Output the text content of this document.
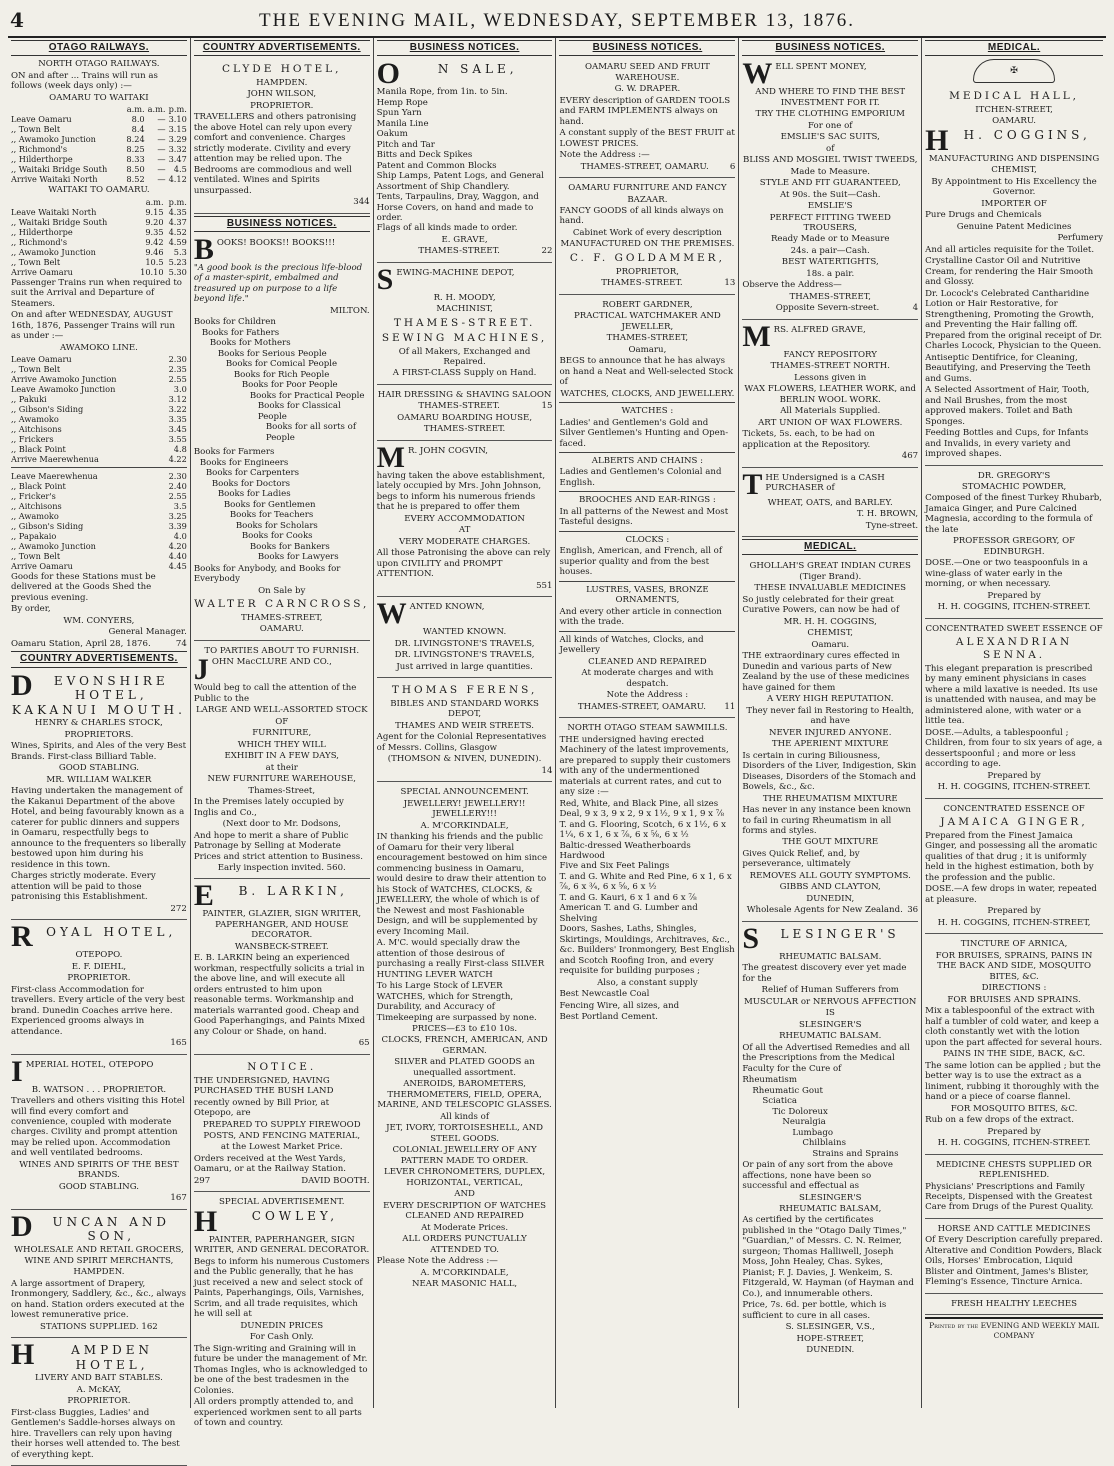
4	THE EVENING MAIL, WEDNESDAY, SEPTEMBER 13, 1876.
OTAGO RAILWAYS.

NORTH OTAGO RAILWAYS.

ON and after ... Trains will run as follows (week days only) :—

OAMARU TO WAITAKI

	a.m.	a.m.	p.m.
Leave Oamaru	8.0	—	3.10
,, Town Belt	8.4	—	3.15
,, Awamoko Junction	8.24	—	3.29
,, Richmond's	8.25	—	3.32
,, Hilderthorpe	8.33	—	3.47
,, Waitaki Bridge South	8.50	—	4.5
Arrive Waitaki North	8.52	—	4.12

WAITAKI TO OAMARU.

	a.m.	p.m.
Leave Waitaki North	9.15	4.35
,, Waitaki Bridge South	9.20	4.37
,, Hilderthorpe	9.35	4.52
,, Richmond's	9.42	4.59
,, Awamoko Junction	9.46	5.3
,, Town Belt	10.5	5.23
Arrive Oamaru	10.10	5.30

Passenger Trains run when required to suit the Arrival and Departure of Steamers.

On and after WEDNESDAY, AUGUST 16th, 1876, Passenger Trains will run as under :—

AWAMOKO LINE.

Leave Oamaru	2.30
,, Town Belt	2.35
Arrive Awamoko Junction	2.55
Leave Awamoko Junction	3.0
,, Pakuki	3.12
,, Gibson's Siding	3.22
,, Awamoko	3.35
,, Aitchisons	3.45
,, Frickers	3.55
,, Black Point	4.8
Arrive Maerewhenua	4.22
Leave Maerewhenua	2.30
,, Black Point	2.40
,, Fricker's	2.55
,, Aitchisons	3.5
,, Awamoko	3.25
,, Gibson's Siding	3.39
,, Papakaio	4.0
,, Awamoko Junction	4.20
,, Town Belt	4.40
Arrive Oamaru	4.45

Goods for these Stations must be delivered at the Goods Shed the previous evening.

By order,

WM. CONYERS,

General Manager.

Oamaru Station, April 28, 1876.	74

COUNTRY ADVERTISEMENTS.
D	EVONSHIRE HOTEL, KAKANUI MOUTH.

HENRY & CHARLES STOCK,

PROPRIETORS.

Wines, Spirits, and Ales of the very Best Brands. First-class Billiard Table.

GOOD STABLING.

MR. WILLIAM WALKER

Having undertaken the management of the Kakanui Department of the above Hotel, and being favourably known as a caterer for public dinners and suppers in Oamaru, respectfully begs to announce to the frequenters so liberally bestowed upon him during his residence in this town.

Charges strictly moderate. Every attention will be paid to those patronising this Establishment.

272

R	OYAL HOTEL,

OTEPOPO.

E. F. DIEHL,

PROPRIETOR.

First-class Accommodation for travellers. Every article of the very best brand. Dunedin Coaches arrive here. Experienced grooms always in attendance.

165

I MPERIAL HOTEL, OTEPOPO

B. WATSON . . . PROPRIETOR.

Travellers and others visiting this Hotel will find every comfort and convenience, coupled with moderate charges. Civility and prompt attention may be relied upon. Accommodation and well ventilated bedrooms.

WINES AND SPIRITS OF THE BEST BRANDS.

GOOD STABLING.

167

D	UNCAN AND SON,

WHOLESALE AND RETAIL GROCERS, WINE AND SPIRIT MERCHANTS,

HAMPDEN.

A large assortment of Drapery, Ironmongery, Saddlery, &c., &c., always on hand. Station orders executed at the lowest remunerative price.

STATIONS SUPPLIED. 162

H	AMPDEN HOTEL,

LIVERY AND BAIT STABLES.

A. McKAY,

PROPRIETOR.

First-class Buggies, Ladies' and Gentlemen's Saddle-horses always on hire. Travellers can rely upon having their horses well attended to. The best of everything kept.

COUNTRY ADVERTISEMENTS.

CLYDE HOTEL,

HAMPDEN.

JOHN WILSON,

PROPRIETOR.

TRAVELLERS and others patronising the above Hotel can rely upon every comfort and convenience. Charges strictly moderate. Civility and every attention may be relied upon. The Bedrooms are commodious and well ventilated. Wines and Spirits unsurpassed.

344

BUSINESS NOTICES.
B OOKS! BOOKS!! BOOKS!!!

"A good book is the precious life-blood of a master-spirit, embalmed and treasured up on purpose to a life beyond life."

MILTON.

Books for Children
Books for Fathers
Books for Mothers
Books for Serious People
Books for Comical People
Books for Rich People
Books for Poor People
Books for Practical People
Books for Classical People
Books for all sorts of People
Books for Farmers
Books for Engineers
Books for Carpenters
Books for Doctors
Books for Ladies
Books for Gentlemen
Books for Teachers
Books for Scholars
Books for Cooks
Books for Bankers
Books for Lawyers

Books for Anybody, and Books for Everybody

On Sale by

WALTER CARNCROSS,

THAMES-STREET,

OAMARU.

TO PARTIES ABOUT TO FURNISH.

J OHN MacCLURE AND CO.,

Would beg to call the attention of the Public to the

LARGE AND WELL-ASSORTED STOCK

OF

FURNITURE,

WHICH THEY WILL

EXHIBIT IN A FEW DAYS,

at their

NEW FURNITURE WAREHOUSE,

Thames-Street,

In the Premises lately occupied by Inglis and Co.,

(Next door to Mr. Dodsons,

And hope to merit a share of Public Patronage by Selling at Moderate Prices and strict attention to Business.

Early inspection invited. 560.

E	B. LARKIN,

PAINTER, GLAZIER, SIGN WRITER, PAPERHANGER, AND HOUSE DECORATOR.

WANSBECK-STREET.

E. B. LARKIN being an experienced workman, respectfully solicits a trial in the above line, and will execute all orders entrusted to him upon reasonable terms. Workmanship and materials warranted good. Cheap and Good Paperhangings, and Paints Mixed any Colour or Shade, on hand.

65

NOTICE.

THE UNDERSIGNED, HAVING PURCHASED THE BUSH LAND

recently owned by Bill Prior, at Otepopo, are

PREPARED TO SUPPLY FIREWOOD

POSTS, AND FENCING MATERIAL,

at the Lowest Market Price.

Orders received at the West Yards, Oamaru, or at the Railway Station.

297	DAVID BOOTH.

SPECIAL ADVERTISEMENT.

H	COWLEY,

PAINTER, PAPERHANGER, SIGN WRITER, AND GENERAL DECORATOR.

Begs to inform his numerous Customers and the Public generally, that he has just received a new and select stock of Paints, Paperhangings, Oils, Varnishes, Scrim, and all trade requisites, which he will sell at

DUNEDIN PRICES

For Cash Only.

The Sign-writing and Graining will in future be under the management of Mr. Thomas Ingles, who is acknowledged to be one of the best tradesmen in the Colonies.

All orders promptly attended to, and experienced workmen sent to all parts of town and country.

BUSINESS NOTICES.
O	N SALE,

Manila Rope, from 1in. to 5in.
Hemp Rope
Spun Yarn
Manila Line
Oakum
Pitch and Tar
Bitts and Deck Spikes
Patent and Common Blocks
Ship Lamps, Patent Logs, and General Assortment of Ship Chandlery.
Tents, Tarpaulins, Dray, Waggon, and Horse Covers, on hand and made to order.
Flags of all kinds made to order.

E. GRAVE,

THAMES-STREET.	22

S EWING-MACHINE DEPOT,

R. H. MOODY,

MACHINIST,

THAMES-STREET.

SEWING MACHINES,

Of all Makers, Exchanged and Repaired.

A FIRST-CLASS Supply on Hand.

HAIR DRESSING & SHAVING SALOON

THAMES-STREET.	15

OAMARU BOARDING HOUSE,

THAMES-STREET.

M R. JOHN COGVIN,

having taken the above establishment, lately occupied by Mrs. John Johnson, begs to inform his numerous friends that he is prepared to offer them

EVERY ACCOMMODATION

AT

VERY MODERATE CHARGES.

All those Patronising the above can rely upon CIVILITY and PROMPT ATTENTION.

551

W ANTED KNOWN,

WANTED KNOWN.

DR. LIVINGSTONE'S TRAVELS,

DR. LIVINGSTONE'S TRAVELS,

Just arrived in large quantities.

THOMAS FERENS,

BIBLES AND STANDARD WORKS DEPOT,

THAMES AND WEIR STREETS.

Agent for the Colonial Representatives of Messrs. Collins, Glasgow

(THOMSON & NIVEN, DUNEDIN).

14

SPECIAL ANNOUNCEMENT.

JEWELLERY! JEWELLERY!! JEWELLERY!!!

A. M'CORKINDALE,

IN thanking his friends and the public of Oamaru for their very liberal encouragement bestowed on him since commencing business in Oamaru, would desire to draw their attention to his Stock of WATCHES, CLOCKS, & JEWELLERY, the whole of which is of the Newest and most Fashionable Design, and will be supplemented by every Incoming Mail.

A. M'C. would specially draw the attention of those desirous of purchasing a really First-class SILVER HUNTING LEVER WATCH

To his Large Stock of LEVER WATCHES, which for Strength, Durability, and Accuracy of Timekeeping are surpassed by none.

PRICES—£3 to £10 10s.

CLOCKS, FRENCH, AMERICAN, AND GERMAN.

SILVER and PLATED GOODS an unequalled assortment.

ANEROIDS, BAROMETERS, THERMOMETERS, FIELD, OPERA, MARINE, AND TELESCOPIC GLASSES.

All kinds of

JET, IVORY, TORTOISESHELL, AND STEEL GOODS.

COLONIAL JEWELLERY OF ANY PATTERN MADE TO ORDER.

LEVER CHRONOMETERS, DUPLEX, HORIZONTAL, VERTICAL,

AND

EVERY DESCRIPTION OF WATCHES CLEANED AND REPAIRED

At Moderate Prices.

ALL ORDERS PUNCTUALLY ATTENDED TO.

Please Note the Address :—

A. M'CORKINDALE,

NEAR MASONIC HALL,

BUSINESS NOTICES.

OAMARU SEED AND FRUIT WAREHOUSE.

G. W. DRAPER.

EVERY description of GARDEN TOOLS and FARM IMPLEMENTS always on hand.

A constant supply of the BEST FRUIT at LOWEST PRICES.

Note the Address :—

THAMES-STREET, OAMARU. 6

OAMARU FURNITURE AND FANCY

BAZAAR.

FANCY GOODS of all kinds always on hand.

Cabinet Work of every description

MANUFACTURED ON THE PREMISES.

C. F. GOLDAMMER,

PROPRIETOR,

THAMES-STREET.	13

ROBERT GARDNER,

PRACTICAL WATCHMAKER AND JEWELLER,

THAMES-STREET,

Oamaru,

BEGS to announce that he has always on hand a Neat and Well-selected Stock of

WATCHES, CLOCKS, AND JEWELLERY.

WATCHES :

Ladies' and Gentlemen's Gold and Silver Gentlemen's Hunting and Open-faced.

ALBERTS AND CHAINS :

Ladies and Gentlemen's Colonial and English.

BROOCHES AND EAR-RINGS :

In all patterns of the Newest and Most Tasteful designs.

CLOCKS :

English, American, and French, all of superior quality and from the best houses.

LUSTRES, VASES, BRONZE ORNAMENTS,

And every other article in connection with the trade.

All kinds of Watches, Clocks, and Jewellery

CLEANED AND REPAIRED

At moderate charges and with despatch.

Note the Address :

THAMES-STREET, OAMARU. 11

NORTH OTAGO STEAM SAWMILLS.

THE undersigned having erected Machinery of the latest improvements, are prepared to supply their customers with any of the undermentioned materials at current rates, and cut to any size :—

Red, White, and Black Pine, all sizes
Deal, 9 x 3, 9 x 2, 9 x 1½, 9 x 1, 9 x ⅞
T. and G. Flooring, Scotch, 6 x 1½, 6 x 1¼, 6 x 1, 6 x ⅞, 6 x ⅝, 6 x ½
Baltic-dressed Weatherboards
Hardwood
Five and Six Feet Palings
T. and G. White and Red Pine, 6 x 1, 6 x ⅞, 6 x ¾, 6 x ⅝, 6 x ½
T. and G. Kauri, 6 x 1 and 6 x ⅞
American T. and G. Lumber and Shelving
Doors, Sashes, Laths, Shingles, Skirtings, Mouldings, Architraves, &c., &c. Builders' Ironmongery, Best English and Scotch Roofing Iron, and every requisite for building purposes ;

Also, a constant supply

Best Newcastle Coal

Fencing Wire, all sizes, and

Best Portland Cement.

BUSINESS NOTICES.
W ELL SPENT MONEY,

AND WHERE TO FIND THE BEST INVESTMENT FOR IT.

TRY THE CLOTHING EMPORIUM

For one of

EMSLIE'S SAC SUITS,

of

BLISS AND MOSGIEL TWIST TWEEDS,

Made to Measure.

STYLE AND FIT GUARANTEED,

At 90s. the Suit—Cash.

EMSLIE'S

PERFECT FITTING TWEED TROUSERS,

Ready Made or to Measure

24s. a pair—Cash.

BEST WATERTIGHTS,

18s. a pair.

Observe the Address—

THAMES-STREET,

Opposite Severn-street.	4

M RS. ALFRED GRAVE,

FANCY REPOSITORY

THAMES-STREET NORTH.

Lessons given in

WAX FLOWERS, LEATHER WORK, and BERLIN WOOL WORK.

All Materials Supplied.

ART UNION OF WAX FLOWERS.

Tickets, 5s. each, to be had on application at the Repository.

467

T HE Undersigned is a CASH PURCHASER of

WHEAT, OATS, and BARLEY.

T. H. BROWN,

Tyne-street.

MEDICAL.

GHOLLAH'S GREAT INDIAN CURES (Tiger Brand).

THESE INVALUABLE MEDICINES

So justly celebrated for their great Curative Powers, can now be had of

MR. H. H. COGGINS,

CHEMIST,

Oamaru.

THE extraordinary cures effected in Dunedin and various parts of New Zealand by the use of these medicines have gained for them

A VERY HIGH REPUTATION.

They never fail in Restoring to Health, and have

NEVER INJURED ANYONE.

THE APERIENT MIXTURE

Is certain in curing Biliousness, Disorders of the Liver, Indigestion, Skin Diseases, Disorders of the Stomach and Bowels, &c., &c.

THE RHEUMATISM MIXTURE

Has never in any instance been known to fail in curing Rheumatism in all forms and styles.

THE GOUT MIXTURE

Gives Quick Relief, and, by perseverance, ultimately

REMOVES ALL GOUTY SYMPTOMS.

GIBBS AND CLAYTON,

DUNEDIN,

Wholesale Agents for New Zealand. 36

S	LESINGER'S

RHEUMATIC BALSAM.

The greatest discovery ever yet made for the

Relief of Human Sufferers from

MUSCULAR or NERVOUS AFFECTION

IS

SLESINGER'S

RHEUMATIC BALSAM.

Of all the Advertised Remedies and all the Prescriptions from the Medical Faculty for the Cure of

Rheumatism
Rheumatic Gout
Sciatica
Tic Doloreux
Neuralgia
Lumbago
Chilblains
Strains and Sprains

Or pain of any sort from the above affections, none have been so successful and effectual as

SLESINGER'S

RHEUMATIC BALSAM,

As certified by the certificates published in the "Otago Daily Times," "Guardian," of Messrs. C. N. Reimer, surgeon; Thomas Halliwell, Joseph Moss, John Healey, Chas. Sykes, Pianist; F. J. Davies, J. Wenkeim, S. Fitzgerald, W. Hayman (of Hayman and Co.), and innumerable others.

Price, 7s. 6d. per bottle, which is sufficient to cure in all cases.

S. SLESINGER, V.S.,

HOPE-STREET,

DUNEDIN.

MEDICAL.
✠

MEDICAL HALL,

ITCHEN-STREET,

OAMARU.

H	H. COGGINS,

MANUFACTURING AND DISPENSING

CHEMIST,

By Appointment to His Excellency the Governor.

IMPORTER OF

Pure Drugs and Chemicals

Genuine Patent Medicines

Perfumery

And all articles requisite for the Toilet.

Crystalline Castor Oil and Nutritive Cream, for rendering the Hair Smooth and Glossy.

Dr. Locock's Celebrated Cantharidine Lotion or Hair Restorative, for Strengthening, Promoting the Growth, and Preventing the Hair falling off. Prepared from the original receipt of Dr. Charles Locock, Physician to the Queen.

Antiseptic Dentifrice, for Cleaning, Beautifying, and Preserving the Teeth and Gums.

A Selected Assortment of Hair, Tooth, and Nail Brushes, from the most approved makers. Toilet and Bath Sponges.

Feeding Bottles and Cups, for Infants and Invalids, in every variety and improved shapes.

DR. GREGORY'S

STOMACHIC POWDER,

Composed of the finest Turkey Rhubarb, Jamaica Ginger, and Pure Calcined Magnesia, according to the formula of the late

PROFESSOR GREGORY, OF EDINBURGH.

DOSE.—One or two teaspoonfuls in a wine-glass of water early in the morning, or when necessary.

Prepared by

H. H. COGGINS, ITCHEN-STREET.

CONCENTRATED SWEET ESSENCE OF

ALEXANDRIAN SENNA.

This elegant preparation is prescribed by many eminent physicians in cases where a mild laxative is needed. Its use is unattended with nausea, and may be administered alone, with water or a little tea.

DOSE.—Adults, a tablespoonful ; Children, from four to six years of age, a dessertspoonful ; and more or less according to age.

Prepared by

H. H. COGGINS, ITCHEN-STREET.

CONCENTRATED ESSENCE OF

JAMAICA GINGER,

Prepared from the Finest Jamaica Ginger, and possessing all the aromatic qualities of that drug ; it is uniformly held in the highest estimation, both by the profession and the public.

DOSE.—A few drops in water, repeated at pleasure.

Prepared by

H. H. COGGINS, ITCHEN-STREET,

TINCTURE OF ARNICA,

FOR BRUISES, SPRAINS, PAINS IN THE BACK AND SIDE, MOSQUITO BITES, &C.

DIRECTIONS :

FOR BRUISES AND SPRAINS.

Mix a tablespoonful of the extract with half a tumbler of cold water, and keep a cloth constantly wet with the lotion upon the part affected for several hours.

PAINS IN THE SIDE, BACK, &C.

The same lotion can be applied ; but the better way is to use the extract as a liniment, rubbing it thoroughly with the hand or a piece of coarse flannel.

FOR MOSQUITO BITES, &C.

Rub on a few drops of the extract.

Prepared by

H. H. COGGINS, ITCHEN-STREET.

MEDICINE CHESTS SUPPLIED OR REPLENISHED.

Physicians' Prescriptions and Family Receipts, Dispensed with the Greatest Care from Drugs of the Purest Quality.

HORSE AND CATTLE MEDICINES

Of Every Description carefully prepared. Alterative and Condition Powders, Black Oils, Horses' Embrocation, Liquid Blister and Ointment, James's Blister, Fleming's Essence, Tincture Arnica.

FRESH HEALTHY LEECHES

Printed by the EVENING AND WEEKLY MAIL COMPANY
